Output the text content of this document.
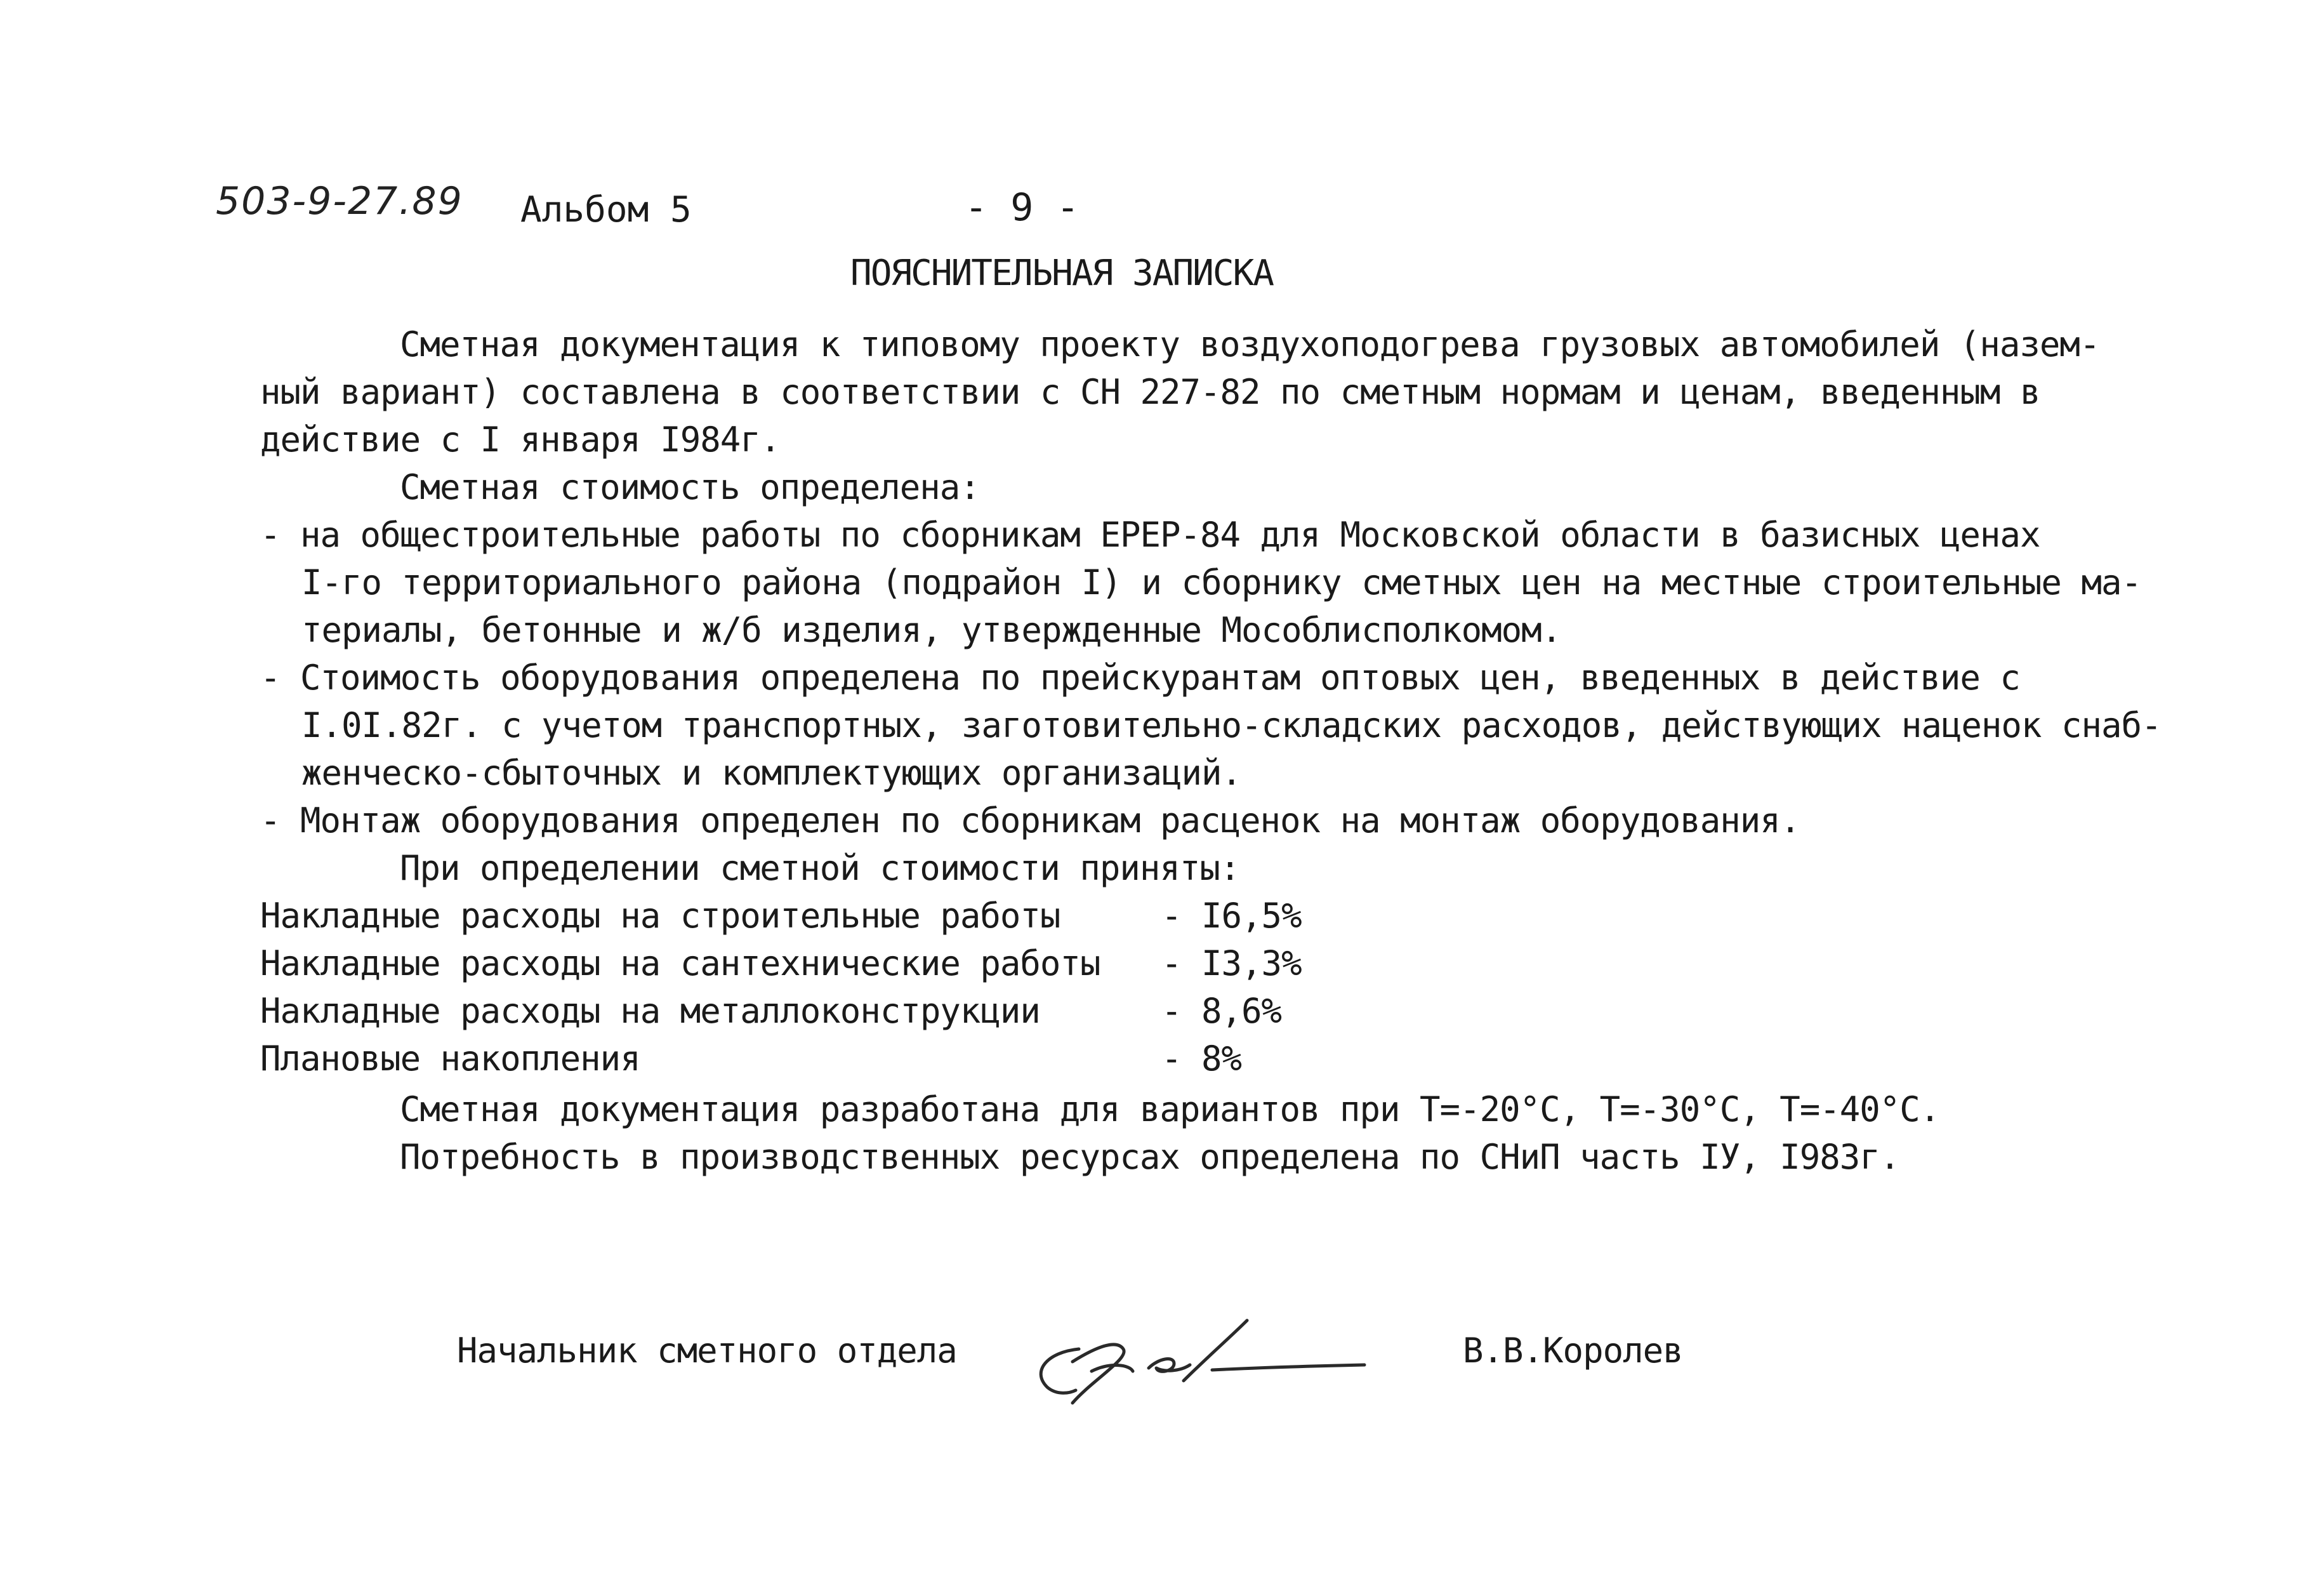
503-9-27.89 Альбом 5	- 9 -
ПОЯСНИТЕЛЬНАЯ ЗАПИСКА
Сметная документация к типовому проекту воздухоподогрева грузовых автомобилей (назем-
ный вариант) составлена в соответствии с СН 227-82 по сметным нормам и ценам, введенным в
действие с I января I984г.
Сметная стоимость определена:
- на общестроительные работы по сборникам ЕРЕР-84 для Московской области в базисных ценах
I-го территориального района (подрайон I) и сборнику сметных цен на местные строительные ма-
териалы, бетонные и ж/б изделия, утвержденные Мособлисполкомом.
- Стоимость оборудования определена по прейскурантам оптовых цен, введенных в действие с
I.0I.82г. с учетом транспортных, заготовительно-складских расходов, действующих наценок снаб-
женческо-сбыточных и комплектующих организаций.
- Монтаж оборудования определен по сборникам расценок на монтаж оборудования.
При определении сметной стоимости приняты:
Накладные расходы на строительные работы	- I6,5%
Накладные расходы на сантехнические работы - I3,3%
Накладные расходы на металлоконструкции	- 8,6%
Плановые накопления	- 8%
Сметная документация разработана для вариантов при Т=-20°С, Т=-30°С, Т=-40°С.
Потребность в производственных ресурсах определена по СНиП часть IУ, I983г.
Начальник сметного отдела	В.В.Королев
